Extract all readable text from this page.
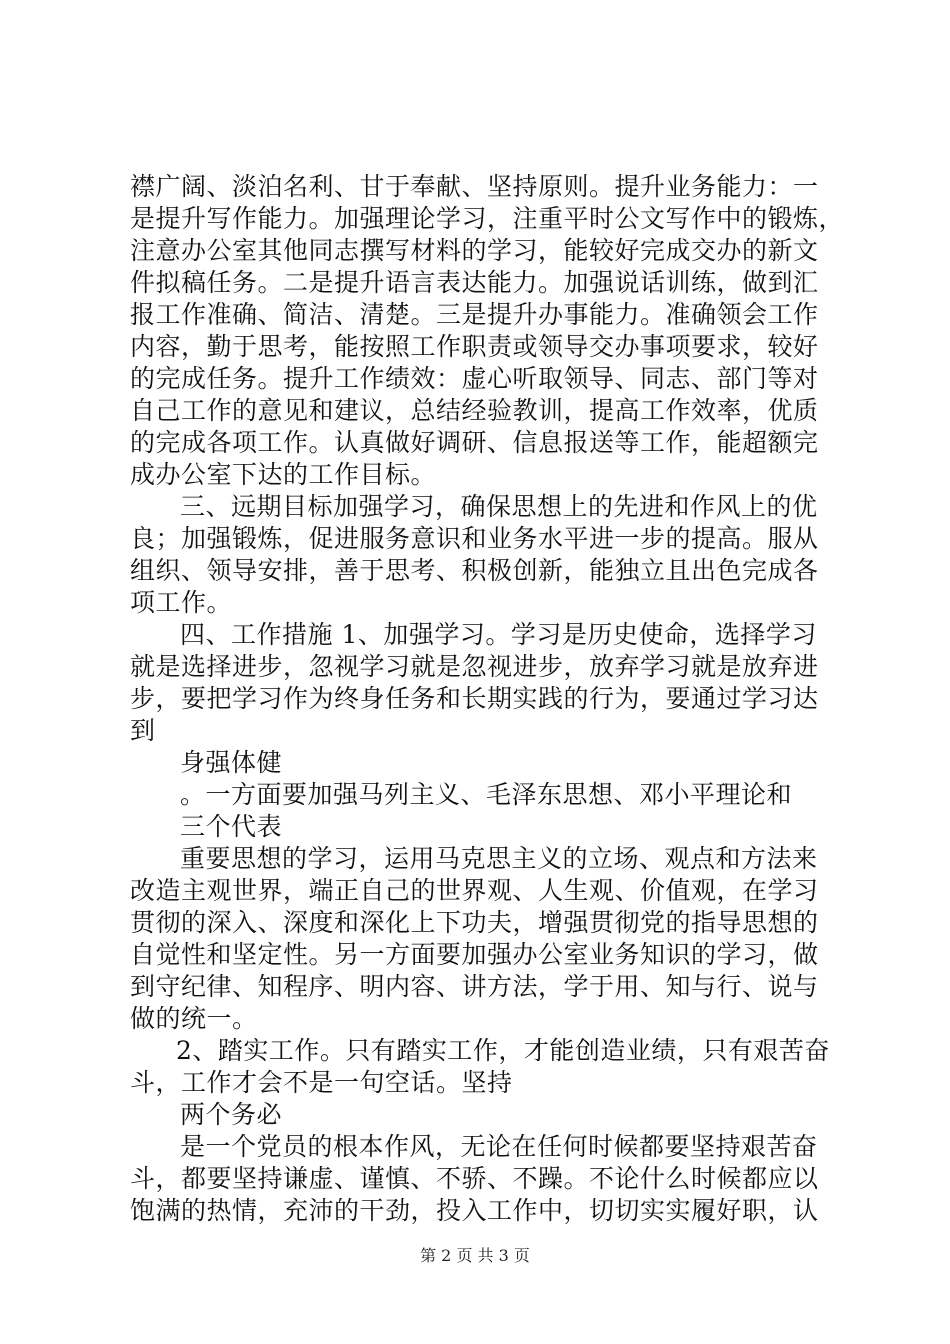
襟广阔、淡泊名利、甘于奉献、坚持原则。提升业务能力：一
是提升写作能力。加强理论学习，注重平时公文写作中的锻炼，
注意办公室其他同志撰写材料的学习，能较好完成交办的新文
件拟稿任务。二是提升语言表达能力。加强说话训练，做到汇
报工作准确、简洁、清楚。三是提升办事能力。准确领会工作
内容，勤于思考，能按照工作职责或领导交办事项要求，较好
的完成任务。提升工作绩效：虚心听取领导、同志、部门等对
自己工作的意见和建议，总结经验教训，提高工作效率，优质
的完成各项工作。认真做好调研、信息报送等工作，能超额完
成办公室下达的工作目标。
三、远期目标加强学习，确保思想上的先进和作风上的优
良；加强锻炼，促进服务意识和业务水平进一步的提高。服从
组织、领导安排，善于思考、积极创新，能独立且出色完成各
项工作。
四、工作措施 1、加强学习。学习是历史使命，选择学习
就是选择进步，忽视学习就是忽视进步，放弃学习就是放弃进
步，要把学习作为终身任务和长期实践的行为，要通过学习达
到
身强体健
。一方面要加强马列主义、毛泽东思想、邓小平理论和
三个代表
重要思想的学习，运用马克思主义的立场、观点和方法来
改造主观世界，端正自己的世界观、人生观、价值观，在学习
贯彻的深入、深度和深化上下功夫，增强贯彻党的指导思想的
自觉性和坚定性。另一方面要加强办公室业务知识的学习，做
到守纪律、知程序、明内容、讲方法，学于用、知与行、说与
做的统一。
2、踏实工作。只有踏实工作，才能创造业绩，只有艰苦奋
斗，工作才会不是一句空话。坚持
两个务必
是一个党员的根本作风，无论在任何时候都要坚持艰苦奋
斗，都要坚持谦虚、谨慎、不骄、不躁。不论什么时候都应以
饱满的热情，充沛的干劲，投入工作中，切切实实履好职，认
第 2 页 共 3 页
